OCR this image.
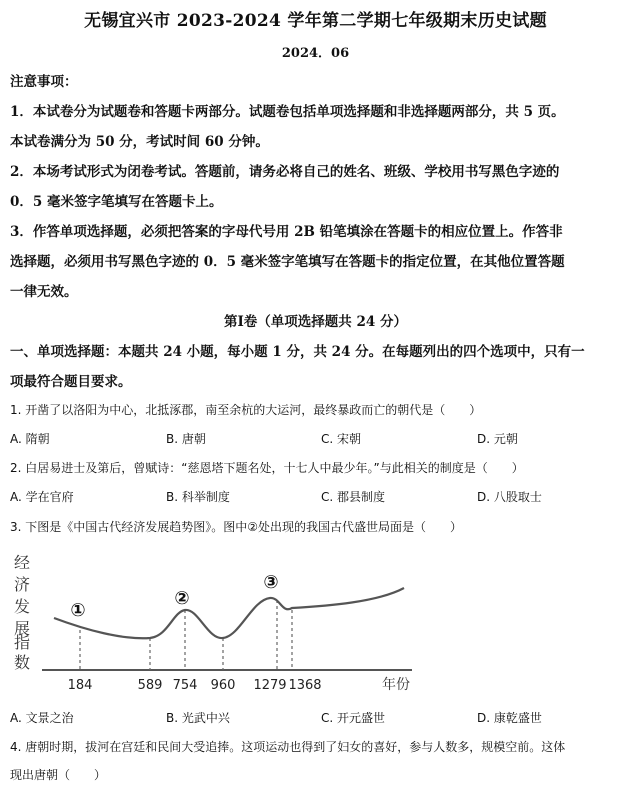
无锡宜兴市 2023-2024 学年第二学期七年级期末历史试题
2024．06
注意事项：
1．本试卷分为试题卷和答题卡两部分。试题卷包括单项选择题和非选择题两部分，共 5 页。
本试卷满分为 50 分，考试时间 60 分钟。
2．本场考试形式为闭卷考试。答题前，请务必将自己的姓名、班级、学校用书写黑色字迹的
0．5 毫米签字笔填写在答题卡上。
3．作答单项选择题，必须把答案的字母代号用 2B 铅笔填涂在答题卡的相应位置上。作答非
选择题，必须用书写黑色字迹的 0．5 毫米签字笔填写在答题卡的指定位置，在其他位置答题
一律无效。
第Ⅰ卷（单项选择题共 24 分）
一、单项选择题：本题共 24 小题，每小题 1 分，共 24 分。在每题列出的四个选项中，只有一
项最符合题目要求。
1. 开凿了以洛阳为中心，北抵涿郡，南至余杭的大运河，最终暴政而亡的朝代是（　　）
A. 隋朝	B. 唐朝	C. 宋朝	D. 元朝
2. 白居易进士及第后，曾赋诗：“慈恩塔下题名处，十七人中最少年。”与此相关的制度是（　　）
A. 学在官府	B. 科举制度	C. 郡县制度	D. 八股取士
3. 下图是《中国古代经济发展趋势图》。图中②处出现的我国古代盛世局面是（　　）
经
济
发
展
指
数
①
②
③
184	589 754 960 1279 1368	年份
A. 文景之治	B. 光武中兴	C. 开元盛世	D. 康乾盛世
4. 唐朝时期，拔河在宫廷和民间大受追捧。这项运动也得到了妇女的喜好，参与人数多，规模空前。这体
现出唐朝（　　）
